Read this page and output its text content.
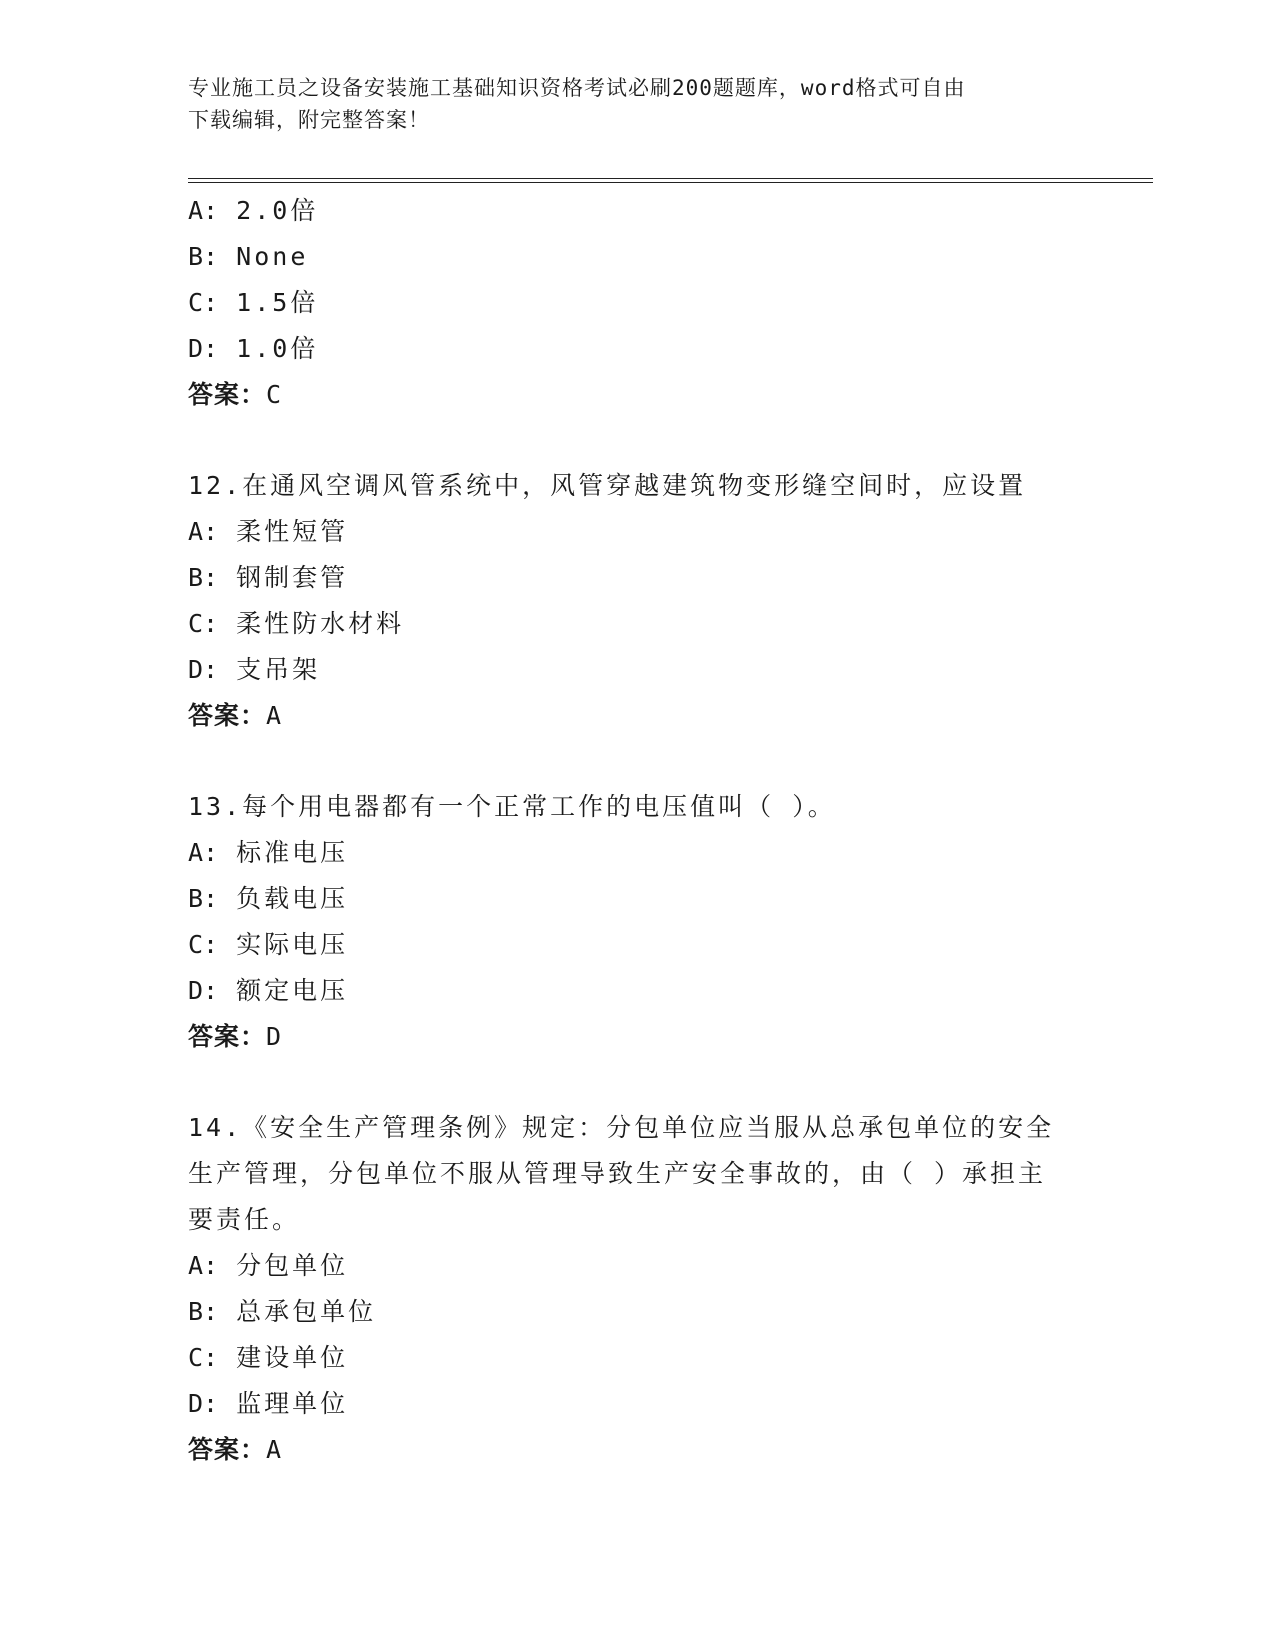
专业施工员之设备安装施工基础知识资格考试必刷200题题库，word格式可自由
下载编辑，附完整答案！
A: 2.0倍
B: None
C: 1.5倍
D: 1.0倍
答案：C
12.在通风空调风管系统中，风管穿越建筑物变形缝空间时，应设置
A: 柔性短管
B: 钢制套管
C: 柔性防水材料
D: 支吊架
答案：A
13.每个用电器都有一个正常工作的电压值叫（ ）。
A: 标准电压
B: 负载电压
C: 实际电压
D: 额定电压
答案：D
14.《安全生产管理条例》规定：分包单位应当服从总承包单位的安全
生产管理，分包单位不服从管理导致生产安全事故的，由（ ）承担主
要责任。
A: 分包单位
B: 总承包单位
C: 建设单位
D: 监理单位
答案：A
